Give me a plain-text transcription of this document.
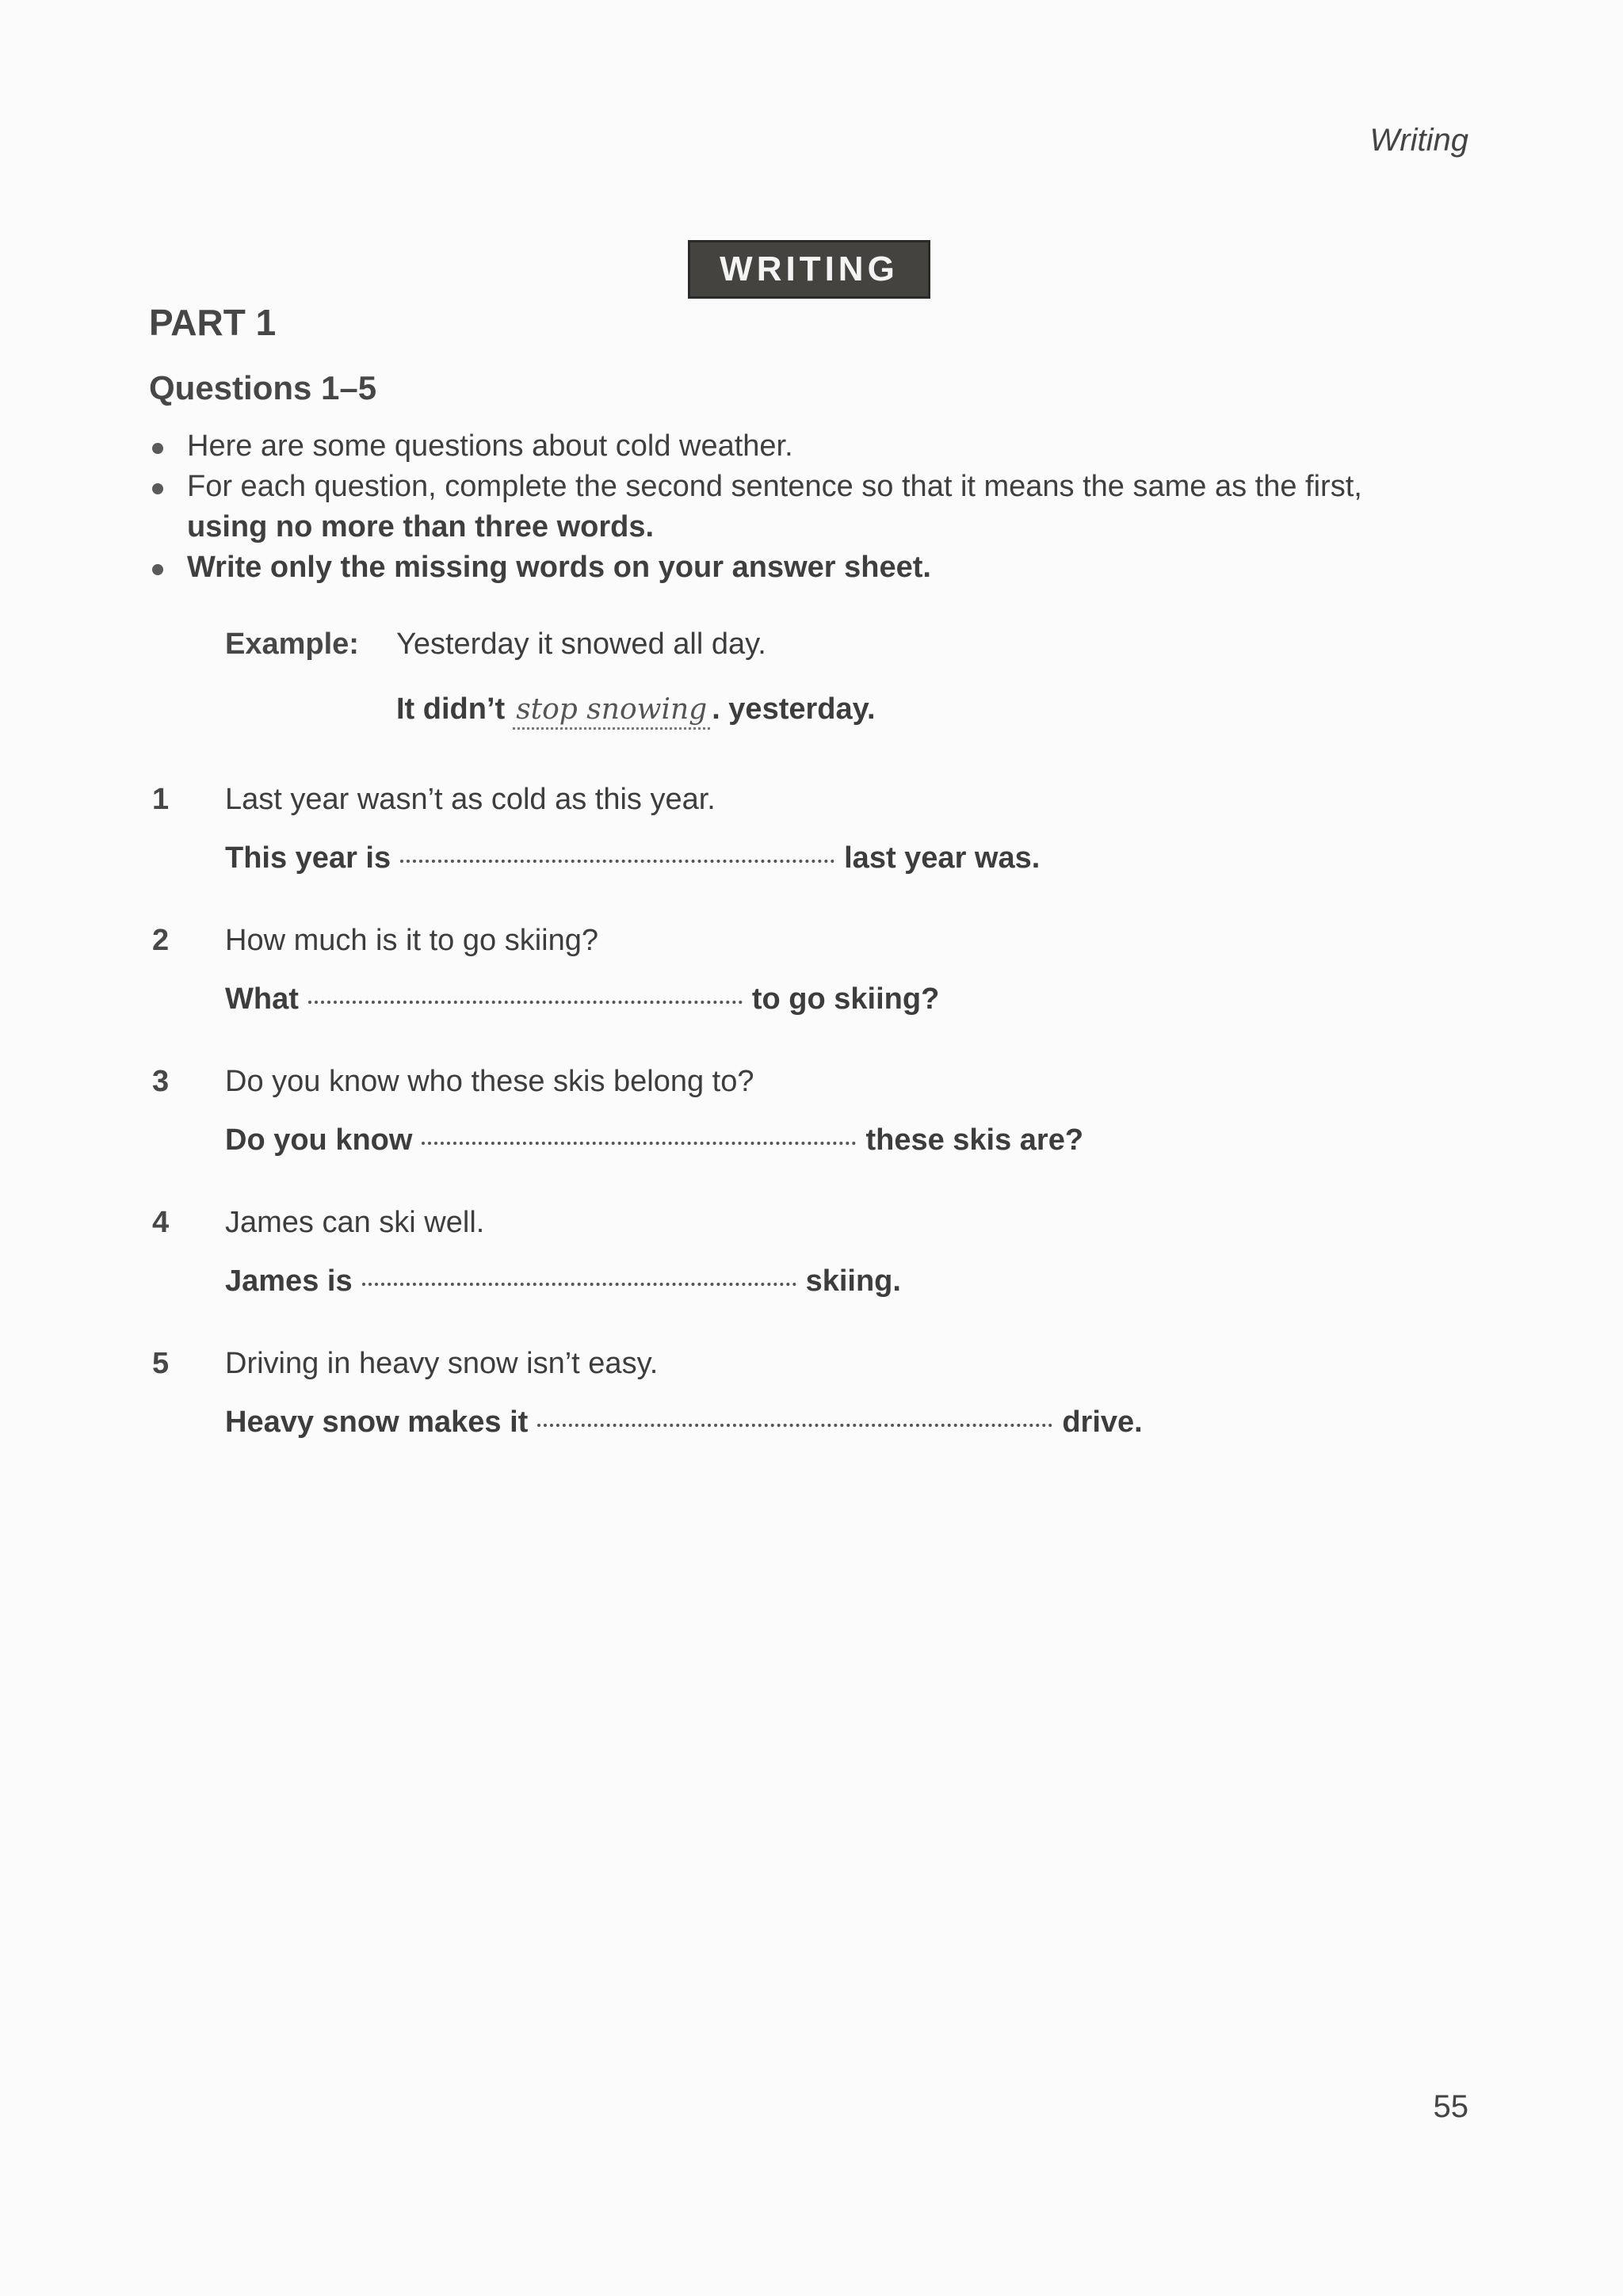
Writing
WRITING
PART 1
Questions 1–5
Here are some questions about cold weather.
For each question, complete the second sentence so that it means the same as the first,
using no more than three words.
Write only the missing words on your answer sheet.
Example: Yesterday it snowed all day.
It didn’t stop snowing . yesterday.
1 Last year wasn’t as cold as this year.
This year is	last year was.
2 How much is it to go skiing?
What	to go skiing?
3 Do you know who these skis belong to?
Do you know	these skis are?
4 James can ski well.
James is	skiing.
5 Driving in heavy snow isn’t easy.
Heavy snow makes it	drive.
55
